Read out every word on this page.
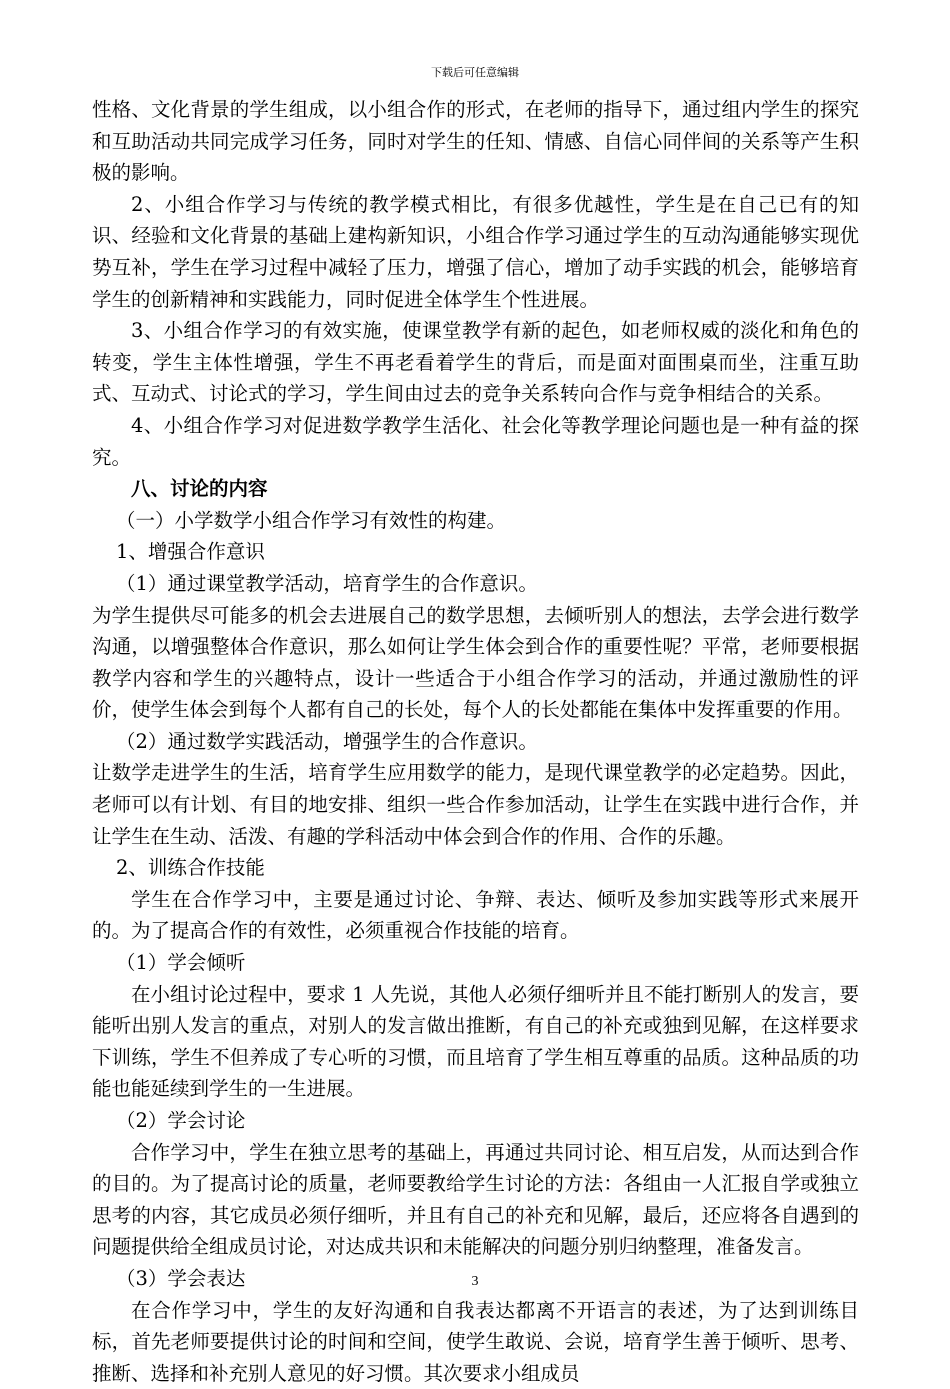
下载后可任意编辑

性格、文化背景的学生组成，以小组合作的形式，在老师的指导下，通过组内学生的探究和互助活动共同完成学习任务，同时对学生的任知、情感、自信心同伴间的关系等产生积极的影响。

2、小组合作学习与传统的教学模式相比，有很多优越性，学生是在自己已有的知识、经验和文化背景的基础上建构新知识，小组合作学习通过学生的互动沟通能够实现优势互补，学生在学习过程中减轻了压力，增强了信心，增加了动手实践的机会，能够培育学生的创新精神和实践能力，同时促进全体学生个性进展。

3、小组合作学习的有效实施，使课堂教学有新的起色，如老师权威的淡化和角色的转变，学生主体性增强，学生不再老看着学生的背后，而是面对面围桌而坐，注重互助式、互动式、讨论式的学习，学生间由过去的竞争关系转向合作与竞争相结合的关系。

4、小组合作学习对促进数学教学生活化、社会化等教学理论问题也是一种有益的探究。

八、讨论的内容

（一）小学数学小组合作学习有效性的构建。

1、增强合作意识

（1）通过课堂教学活动，培育学生的合作意识。

为学生提供尽可能多的机会去进展自己的数学思想，去倾听别人的想法，去学会进行数学沟通，以增强整体合作意识，那么如何让学生体会到合作的重要性呢？平常，老师要根据教学内容和学生的兴趣特点，设计一些适合于小组合作学习的活动，并通过激励性的评价，使学生体会到每个人都有自己的长处，每个人的长处都能在集体中发挥重要的作用。

（2）通过数学实践活动，增强学生的合作意识。

让数学走进学生的生活，培育学生应用数学的能力，是现代课堂教学的必定趋势。因此，老师可以有计划、有目的地安排、组织一些合作参加活动，让学生在实践中进行合作，并让学生在生动、活泼、有趣的学科活动中体会到合作的作用、合作的乐趣。

2、训练合作技能

学生在合作学习中，主要是通过讨论、争辩、表达、倾听及参加实践等形式来展开的。为了提高合作的有效性，必须重视合作技能的培育。

（1）学会倾听

在小组讨论过程中，要求 1 人先说，其他人必须仔细听并且不能打断别人的发言，要能听出别人发言的重点，对别人的发言做出推断，有自己的补充或独到见解，在这样要求下训练，学生不但养成了专心听的习惯，而且培育了学生相互尊重的品质。这种品质的功能也能延续到学生的一生进展。

（2）学会讨论

合作学习中，学生在独立思考的基础上，再通过共同讨论、相互启发，从而达到合作的目的。为了提高讨论的质量，老师要教给学生讨论的方法：各组由一人汇报自学或独立思考的内容，其它成员必须仔细听，并且有自己的补充和见解，最后，还应将各自遇到的问题提供给全组成员讨论，对达成共识和未能解决的问题分别归纳整理，准备发言。

（3）学会表达

在合作学习中，学生的友好沟通和自我表达都离不开语言的表述，为了达到训练目标，首先老师要提供讨论的时间和空间，使学生敢说、会说，培育学生善于倾听、思考、推断、选择和补充别人意见的好习惯。其次要求小组成员

3
